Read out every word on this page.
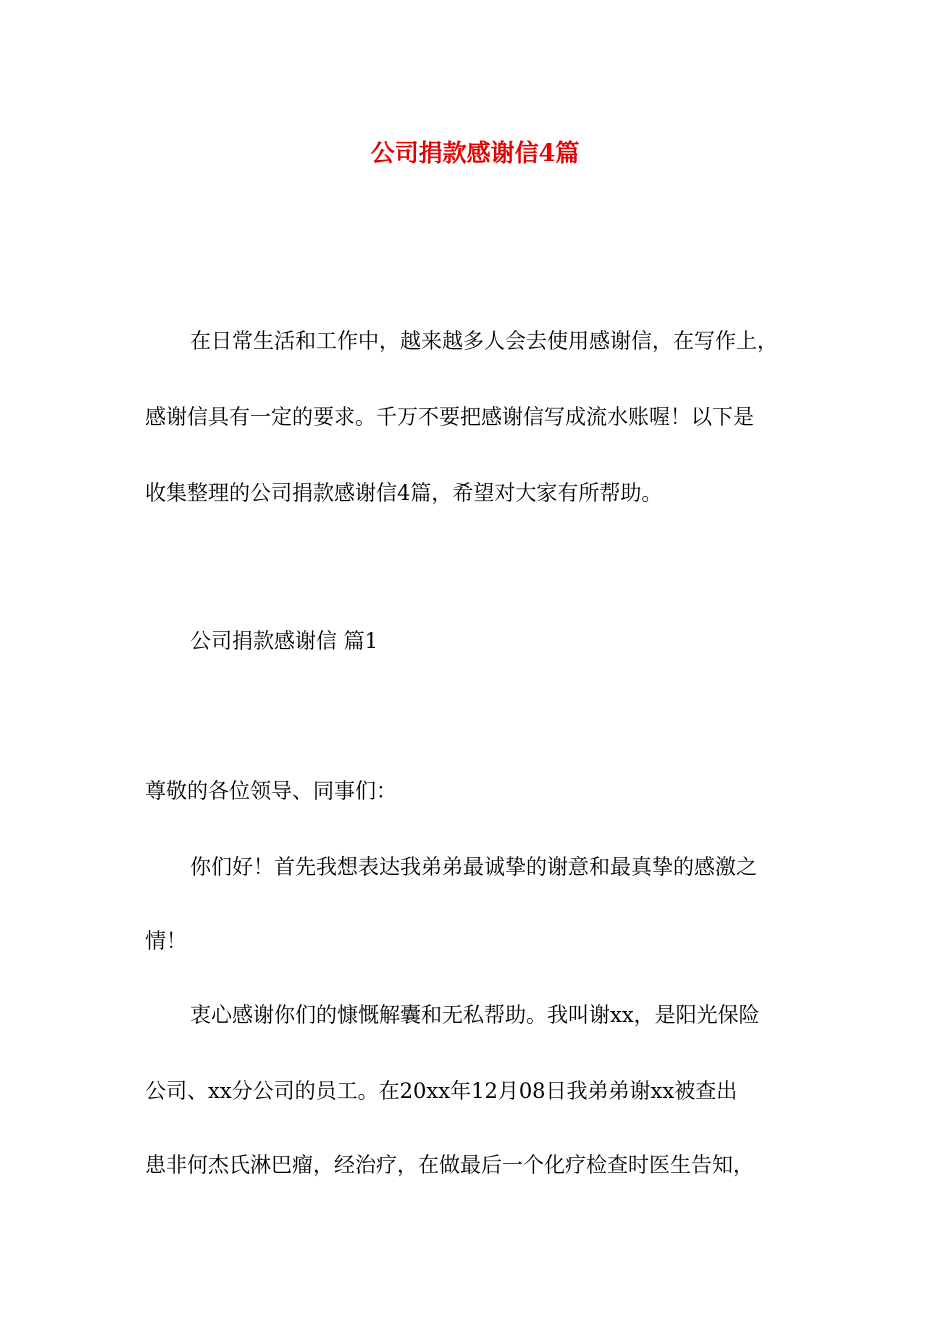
公司捐款感谢信4篇
在日常生活和工作中，越来越多人会去使用感谢信，在写作上，
感谢信具有一定的要求。千万不要把感谢信写成流水账喔！以下是
收集整理的公司捐款感谢信4篇，希望对大家有所帮助。
公司捐款感谢信 篇1
尊敬的各位领导、同事们：
你们好！首先我想表达我弟弟最诚挚的谢意和最真挚的感激之
情！
衷心感谢你们的慷慨解囊和无私帮助。我叫谢xx，是阳光保险
公司、xx分公司的员工。在20xx年12月08日我弟弟谢xx被查出
患非何杰氏淋巴瘤，经治疗，在做最后一个化疗检查时医生告知，
